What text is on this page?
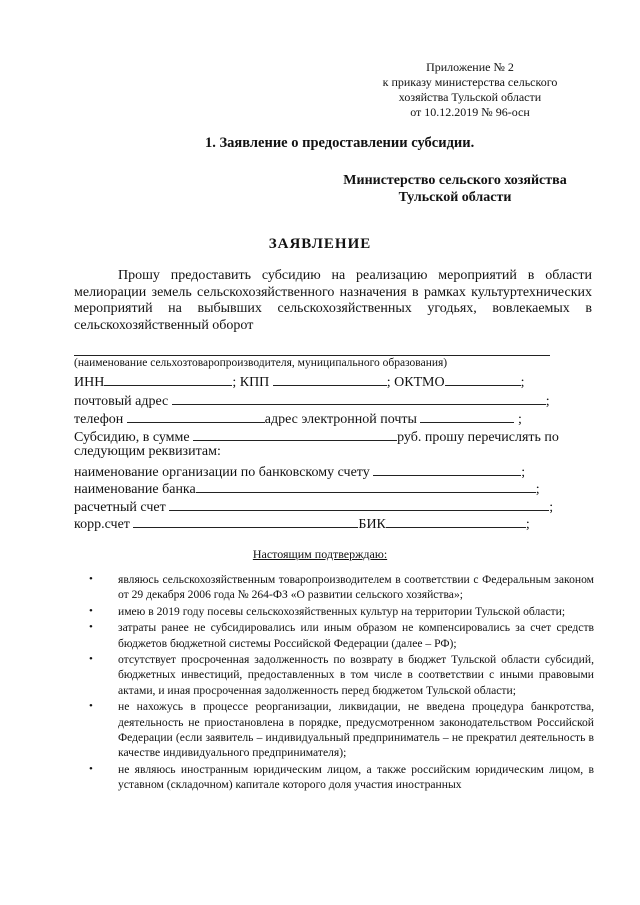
Приложение № 2
к приказу министерства сельского
хозяйства Тульской области
от 10.12.2019 № 96-осн
1. Заявление о предоставлении субсидии.
Министерство сельского хозяйства
Тульской области
ЗАЯВЛЕНИЕ

Прошу предоставить субсидию на реализацию мероприятий в области мелиорации земель сельскохозяйственного назначения в рамках культуртехнических мероприятий на выбывших сельскохозяйственных угодьях, вовлекаемых в сельскохозяйственный оборот

(наименование сельхозтоваропроизводителя, муниципального образования)
ИНН	; КПП	; ОКТМО	;
почтовый адрес	;
телефон	адрес электронной почты	;
Субсидию, в сумме	руб. прошу перечислять по
следующим реквизитам:
наименование организации по банковскому счету	;
наименование банка	;
расчетный счет	;
корр.счет	БИК	;
Настоящим подтверждаю:
• являюсь сельскохозяйственным товаропроизводителем в соответствии с Федеральным законом от 29 декабря 2006 года № 264-ФЗ «О развитии сельского хозяйства»;
• имею в 2019 году посевы сельскохозяйственных культур на территории Тульской области;
• затраты ранее не субсидировались или иным образом не компенсировались за счет средств бюджетов бюджетной системы Российской Федерации (далее – РФ);
• отсутствует просроченная задолженность по возврату в бюджет Тульской области субсидий, бюджетных инвестиций, предоставленных в том числе в соответствии с иными правовыми актами, и иная просроченная задолженность перед бюджетом Тульской области;
• не нахожусь в процессе реорганизации, ликвидации, не введена процедура банкротства, деятельность не приостановлена в порядке, предусмотренном законодательством Российской Федерации (если заявитель – индивидуальный предприниматель – не прекратил деятельность в качестве индивидуального предпринимателя);
• не являюсь иностранным юридическим лицом, а также российским юридическим лицом, в уставном (складочном) капитале которого доля участия иностранных
